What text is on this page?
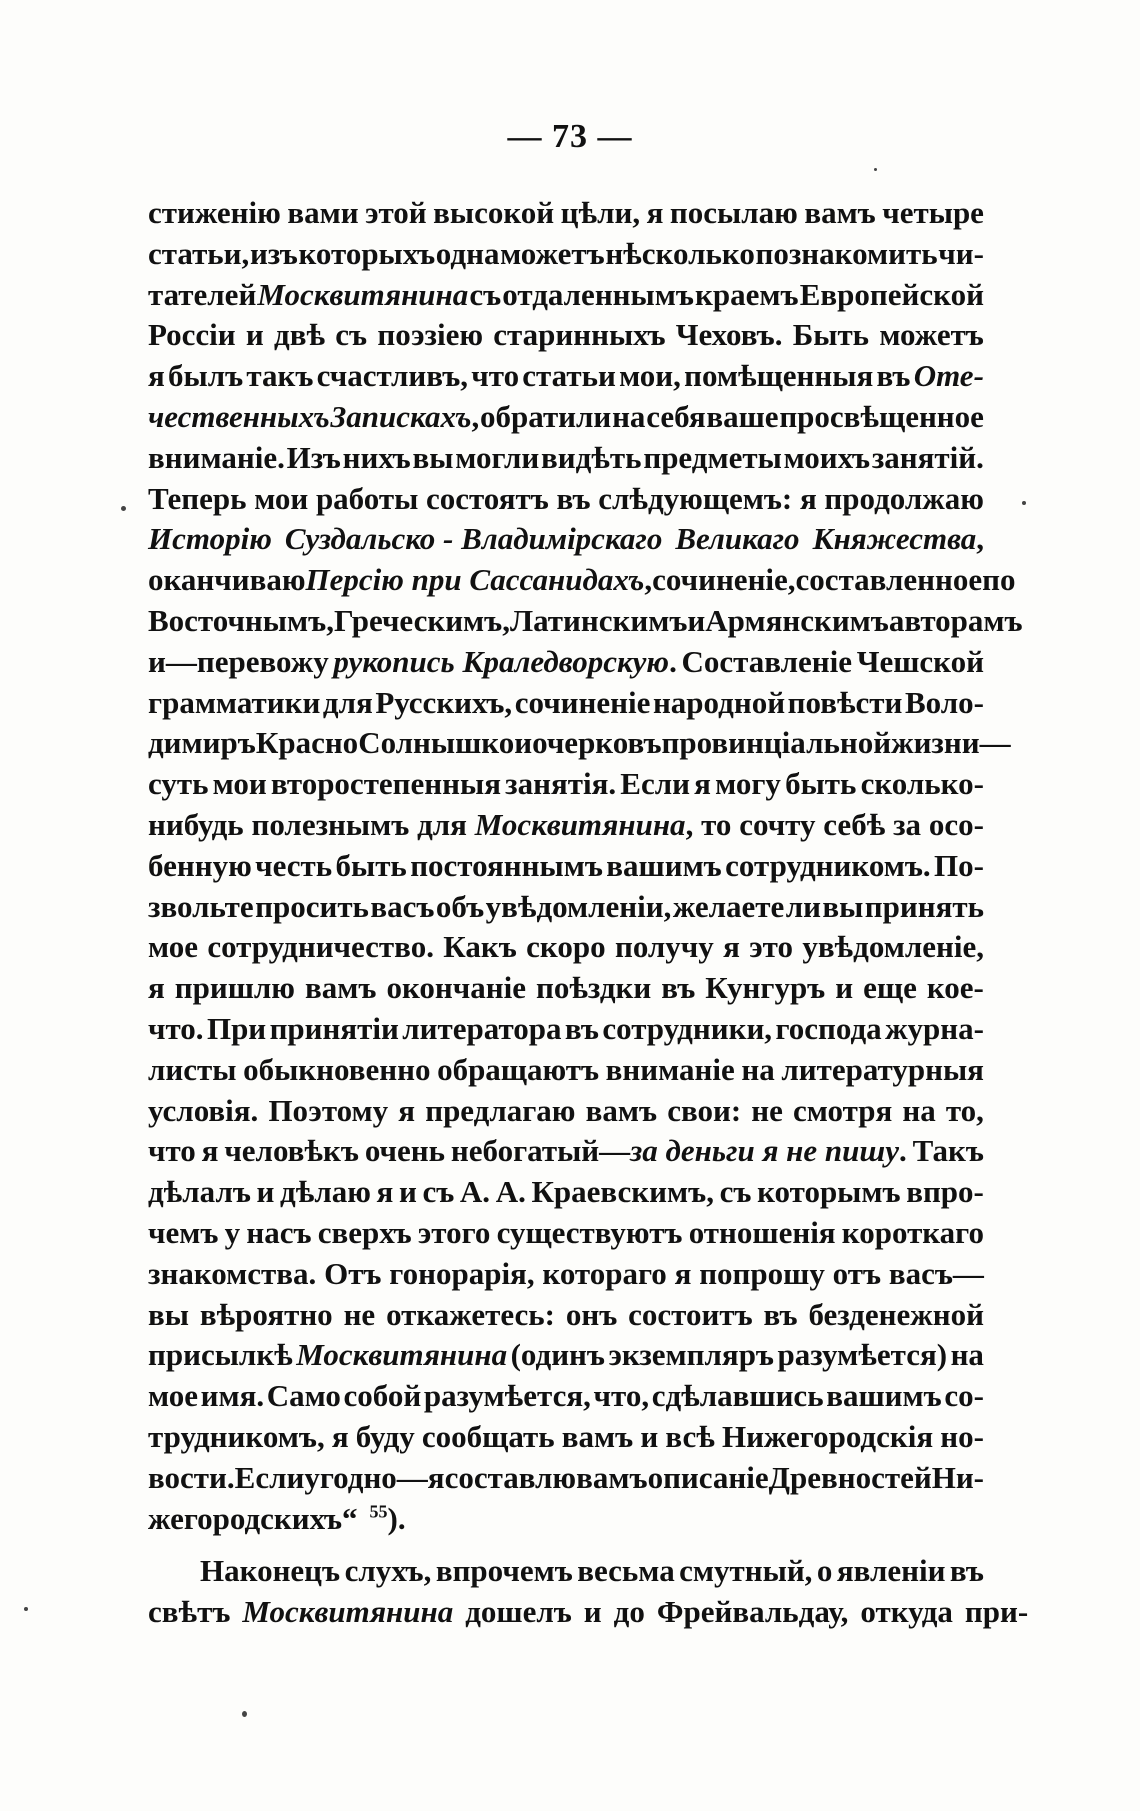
— 73 —
стиженію вами этой высокой цѣли, я посылаю вамъ четыре
статьи, изъ которыхъ одна можетъ нѣсколько познакомить чи-
тателей Москвитянина съ отдаленнымъ краемъ Европейской
Россіи и двѣ съ поэзіею старинныхъ Чеховъ. Быть можетъ
я былъ такъ счастливъ, что статьи мои, помѣщенныя въ Оте-
чественныхъ Запискахъ, обратили на себя ваше просвѣщенное
вниманіе. Изъ нихъ вы могли видѣть предметы моихъ занятій.
Теперь мои работы состоятъ въ слѣдующемъ: я продолжаю
Исторію Суздальско - Владимірскаго Великаго Княжества,
оканчиваю Персію при Сассанидахъ, сочиненіе, составленное по
Восточнымъ, Греческимъ, Латинскимъ и Армянскимъ авторамъ
и—перевожу рукопись Краледворскую. Составленіе Чешской
грамматики для Русскихъ, сочиненіе народной повѣсти Воло-
димиръ Красно Солнышко и очерковъ провинціальной жизни—
суть мои второстепенныя занятія. Если я могу быть сколько-
нибудь полезнымъ для Москвитянина, то сочту себѣ за осо-
бенную честь быть постояннымъ вашимъ сотрудникомъ. По-
звольте просить васъ объ увѣдомленіи, желаете ли вы принять
мое сотрудничество. Какъ скоро получу я это увѣдомленіе,
я пришлю вамъ окончаніе поѣздки въ Кунгуръ и еще кое-
что. При принятіи литератора въ сотрудники, господа журна-
листы обыкновенно обращаютъ вниманіе на литературныя
условія. Поэтому я предлагаю вамъ свои: не смотря на то,
что я человѣкъ очень небогатый—за деньги я не пишу. Такъ
дѣлалъ и дѣлаю я и съ А. А. Краевскимъ, съ которымъ впро-
чемъ у насъ сверхъ этого существуютъ отношенія короткаго
знакомства. Отъ гонорарія, котораго я попрошу отъ васъ—
вы вѣроятно не откажетесь: онъ состоитъ въ безденежной
присылкѣ Москвитянина (одинъ экземпляръ разумѣется) на
мое имя. Само собой разумѣется, что, сдѣлавшись вашимъ со-
трудникомъ, я буду сообщать вамъ и всѣ Нижегородскія но-
вости. Если угодно—я составлю вамъ описаніе Древностей Ни-
жегородскихъ“ $^{55}$).
Наконецъ слухъ, впрочемъ весьма смутный, о явленіи въ
свѣтъ Москвитянина дошелъ и до Фрейвальдау, откуда при-
